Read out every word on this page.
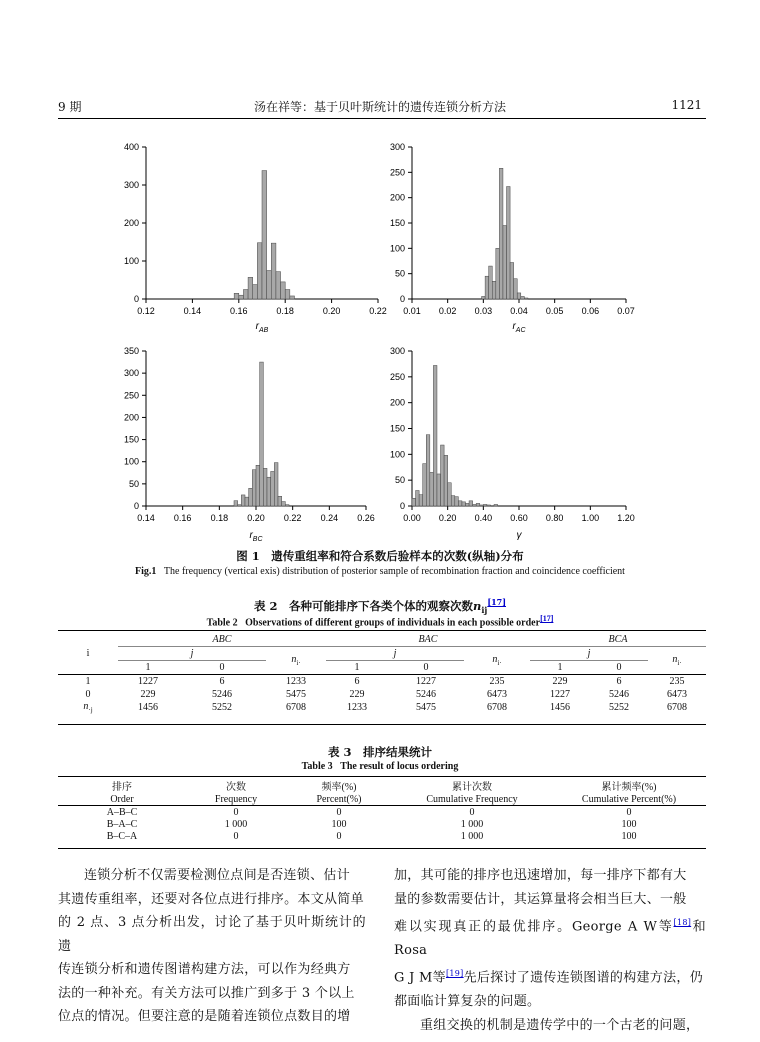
9 期	汤在祥等：基于贝叶斯统计的遗传连锁分析方法	1121
0
100
200
300
400
0.12	0.14	0.16	0.18	0.20	0.22
$r_{AB}$
0
50
100
150
200
250
300
0.01 0.02 0.03 0.04 0.05 0.06 0.07
$r_{AC}$
0
50
100
150
200
250
300
350
0.14 0.16 0.18 0.20 0.22 0.24 0.26
$r_{BC}$
0
50
100
150
200
250
300
0.00 0.20 0.40 0.60 0.80 1.00 1.20
γ
图 1　遗传重组率和符合系数后验样本的次数(纵轴)分布
Fig.1 The frequency (vertical exis) distribution of posterior sample of recombination fraction and coincidence coefficient
表 2　各种可能排序下各类个体的观察次数$n_{ij}[17]$
Table 2 Observations of different groups of individuals in each possible order[17]
i	ABC			BAC			BCA		
	j		$n_{i\cdot}$	j		$n_{i\cdot}$	j		$n_{i\cdot}$
	1	0		1	0		1	0	
1	1227	6	1233	6	1227	235	229	6	235
0	229	5246	5475	229	5246	6473	1227	5246	6473
$n_{\cdot j}$	1456	5252	6708	1233	5475	6708	1456	5252	6708
表 3　排序结果统计
Table 3 The result of locus ordering
排序	次数	频率(%)	累计次数	累计频率(%)
Order	Frequency	Percent(%)	Cumulative Frequency	Cumulative Percent(%)
A–B–C	0	0	0	0
B–A–C	1 000	100	1 000	100
B–C–A	0	0	1 000	100
连锁分析不仅需要检测位点间是否连锁、估计
其遗传重组率，还要对各位点进行排序。本文从简单
的 2 点、3 点分析出发，讨论了基于贝叶斯统计的遗
传连锁分析和遗传图谱构建方法，可以作为经典方
法的一种补充。有关方法可以推广到多于 3 个以上
位点的情况。但要注意的是随着连锁位点数目的增
加，其可能的排序也迅速增加，每一排序下都有大
量的参数需要估计，其运算量将会相当巨大、一般
难以实现真正的最优排序。George A W等[18]和Rosa
G J M等[19]先后探讨了遗传连锁图谱的构建方法，仍
都面临计算复杂的问题。
重组交换的机制是遗传学中的一个古老的问题，
